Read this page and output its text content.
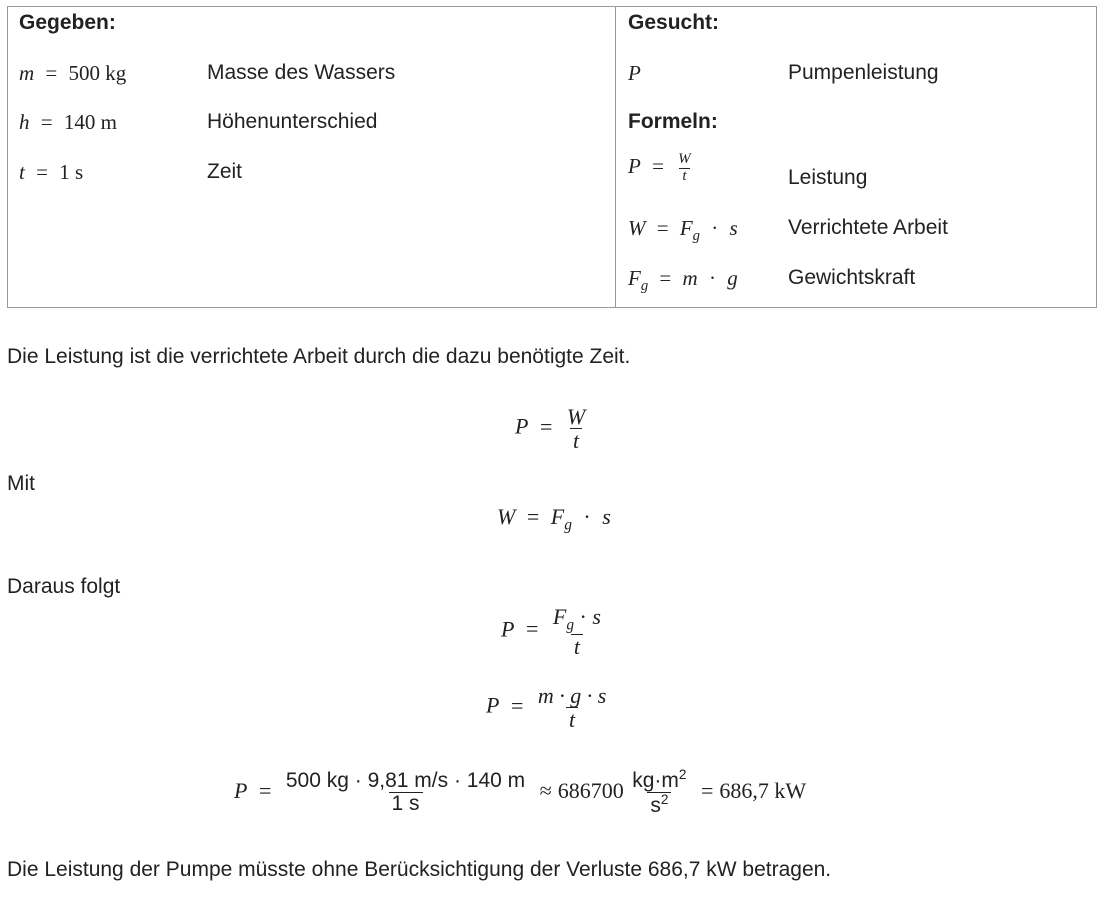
Gegeben:
m = 500 kg	Masse des Wassers
h = 140 m	Höhenunterschied
t = 1 s	Zeit
Gesucht:
P	Pumpenleistung
Formeln:
$P = \frac{W}{t}$	Leistung
$W = F_g \cdot s$ Verrichtete Arbeit
$F_g = m \cdot g$ Gewichtskraft
Die Leistung ist die verrichtete Arbeit durch die dazu benötigte Zeit.
$P = \frac{W}{t}$
Mit
$W = F_g \cdot s$
Daraus folgt
$P = \frac{F_g \cdot s}{t}$
$P = \frac{m \cdot g \cdot s}{t}$
$P = \frac{500 kg \cdot 9,81 m/s \cdot 140 m}{1 s} \approx 686700 \frac{kg\cdot m^2}{s^2} = 686,7$ kW
Die Leistung der Pumpe müsste ohne Berücksichtigung der Verluste 686,7 kW betragen.
